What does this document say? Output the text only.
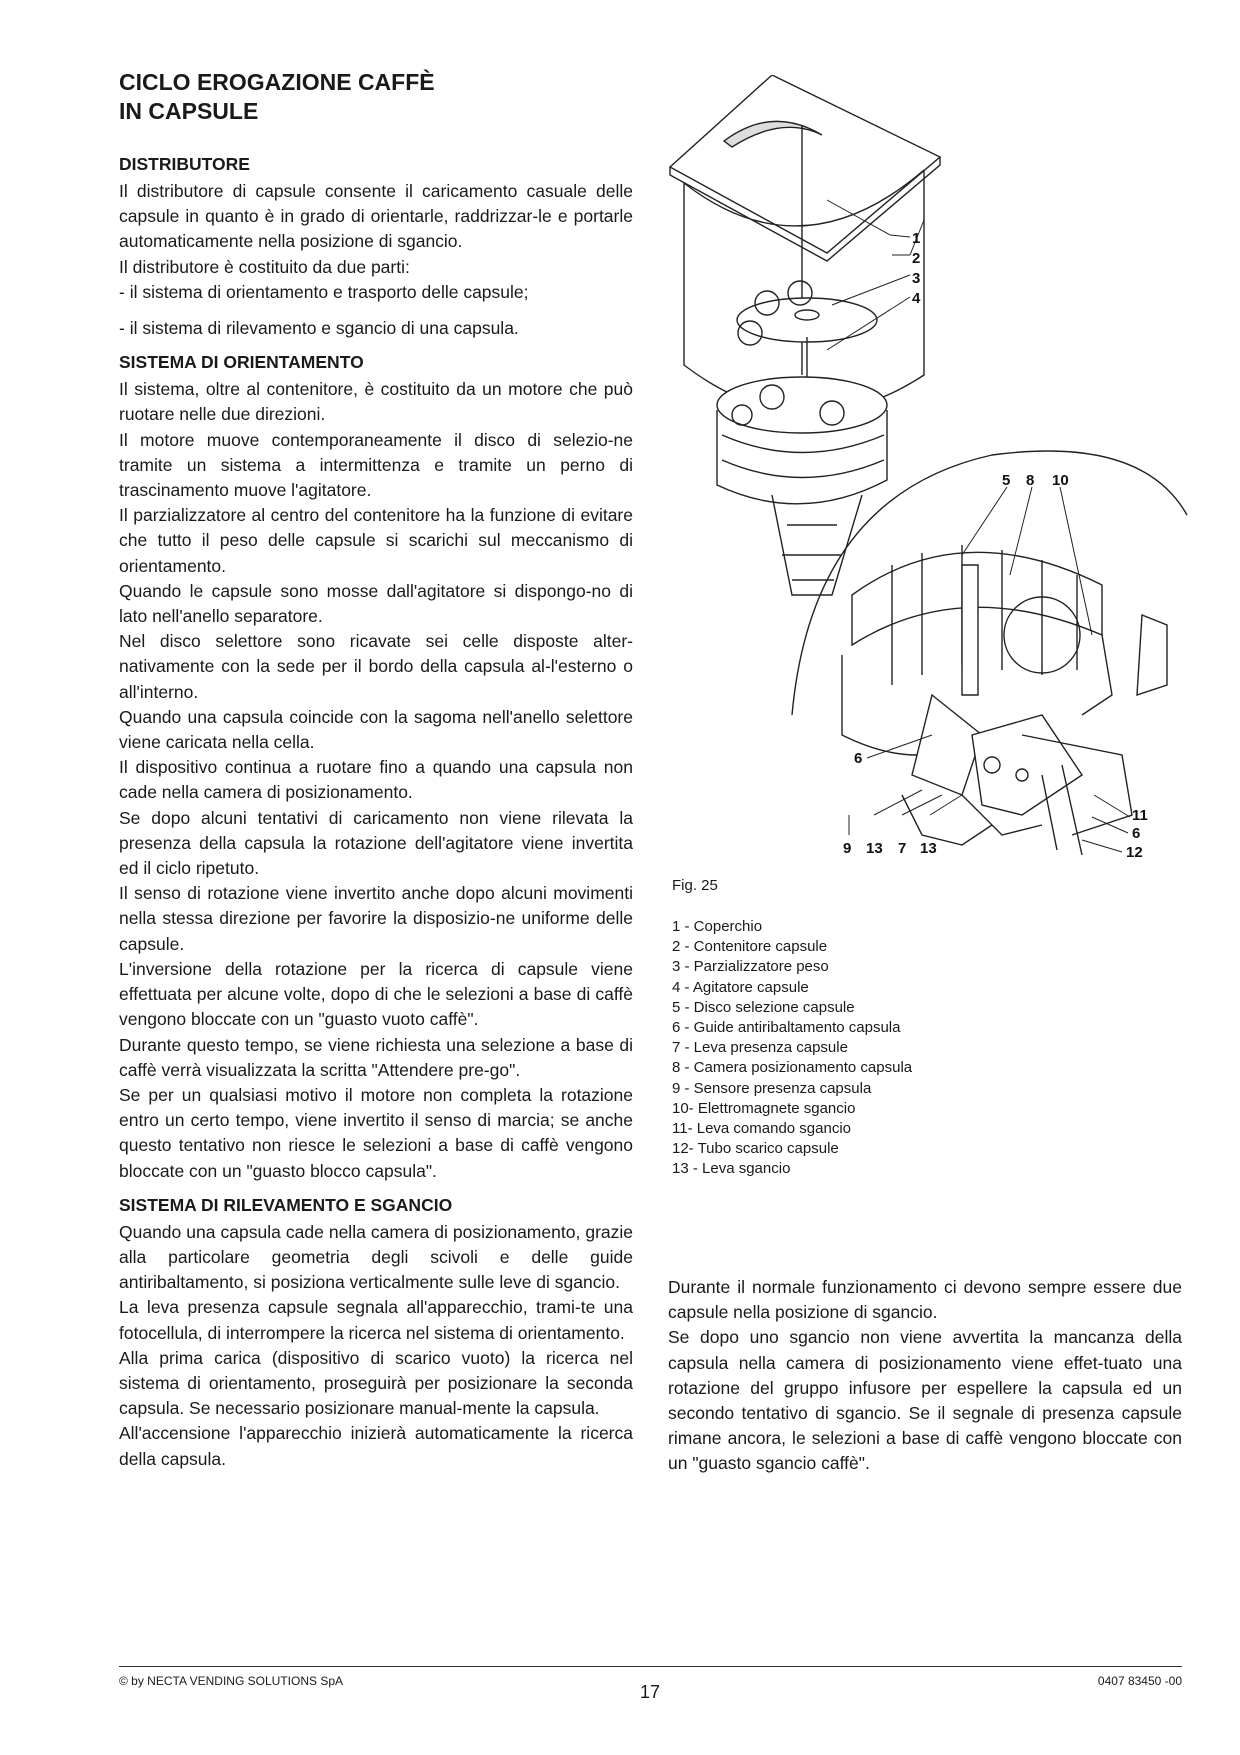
CICLO EROGAZIONE CAFFÈ
IN CAPSULE
DISTRIBUTORE

Il distributore di capsule consente il caricamento casuale delle capsule in quanto è in grado di orientarle, raddrizzar-le e portarle automaticamente nella posizione di sgancio.

Il distributore è costituito da due parti:

- il sistema di orientamento e trasporto delle capsule;

- il sistema di rilevamento e sgancio di una capsula.

SISTEMA DI ORIENTAMENTO

Il sistema, oltre al contenitore, è costituito da un motore che può ruotare nelle due direzioni.

Il motore muove contemporaneamente il disco di selezio-ne tramite un sistema a intermittenza e tramite un perno di trascinamento muove l'agitatore.

Il parzializzatore al centro del contenitore ha la funzione di evitare che tutto il peso delle capsule si scarichi sul meccanismo di orientamento.

Quando le capsule sono mosse dall'agitatore si dispongo-no di lato nell'anello separatore.

Nel disco selettore sono ricavate sei celle disposte alter-nativamente con la sede per il bordo della capsula al-l'esterno o all'interno.

Quando una capsula coincide con la sagoma nell'anello selettore viene caricata nella cella.

Il dispositivo continua a ruotare fino a quando una capsula non cade nella camera di posizionamento.

Se dopo alcuni tentativi di caricamento non viene rilevata la presenza della capsula la rotazione dell'agitatore viene invertita ed il ciclo ripetuto.

Il senso di rotazione viene invertito anche dopo alcuni movimenti nella stessa direzione per favorire la disposizio-ne uniforme delle capsule.

L'inversione della rotazione per la ricerca di capsule viene effettuata per alcune volte, dopo di che le selezioni a base di caffè vengono bloccate con un "guasto vuoto caffè".

Durante questo tempo, se viene richiesta una selezione a base di caffè verrà visualizzata la scritta "Attendere pre-go".

Se per un qualsiasi motivo il motore non completa la rotazione entro un certo tempo, viene invertito il senso di marcia; se anche questo tentativo non riesce le selezioni a base di caffè vengono bloccate con un "guasto blocco capsula".

SISTEMA DI RILEVAMENTO E SGANCIO

Quando una capsula cade nella camera di posizionamento, grazie alla particolare geometria degli scivoli e delle guide antiribaltamento, si posiziona verticalmente sulle leve di sgancio.

La leva presenza capsule segnala all'apparecchio, trami-te una fotocellula, di interrompere la ricerca nel sistema di orientamento.

Alla prima carica (dispositivo di scarico vuoto) la ricerca nel sistema di orientamento, proseguirà per posizionare la seconda capsula. Se necessario posizionare manual-mente la capsula.

All'accensione l'apparecchio inizierà automaticamente la ricerca della capsula.

1
2
3
4
5 8 10
6
11
6
9 13 7 13	12
Fig. 25
1 - Coperchio
2 - Contenitore capsule
3 - Parzializzatore peso
4 - Agitatore capsule
5 - Disco selezione capsule
6 - Guide antiribaltamento capsula
7 - Leva presenza capsule
8 - Camera posizionamento capsula
9 - Sensore presenza capsula
10- Elettromagnete sgancio
11- Leva comando sgancio
12- Tubo scarico capsule
13 - Leva sgancio

Durante il normale funzionamento ci devono sempre essere due capsule nella posizione di sgancio.

Se dopo uno sgancio non viene avvertita la mancanza della capsula nella camera di posizionamento viene effet-tuato una rotazione del gruppo infusore per espellere la capsula ed un secondo tentativo di sgancio. Se il segnale di presenza capsule rimane ancora, le selezioni a base di caffè vengono bloccate con un "guasto sgancio caffè".

© by NECTA VENDING SOLUTIONS SpA
17
0407 83450 -00
